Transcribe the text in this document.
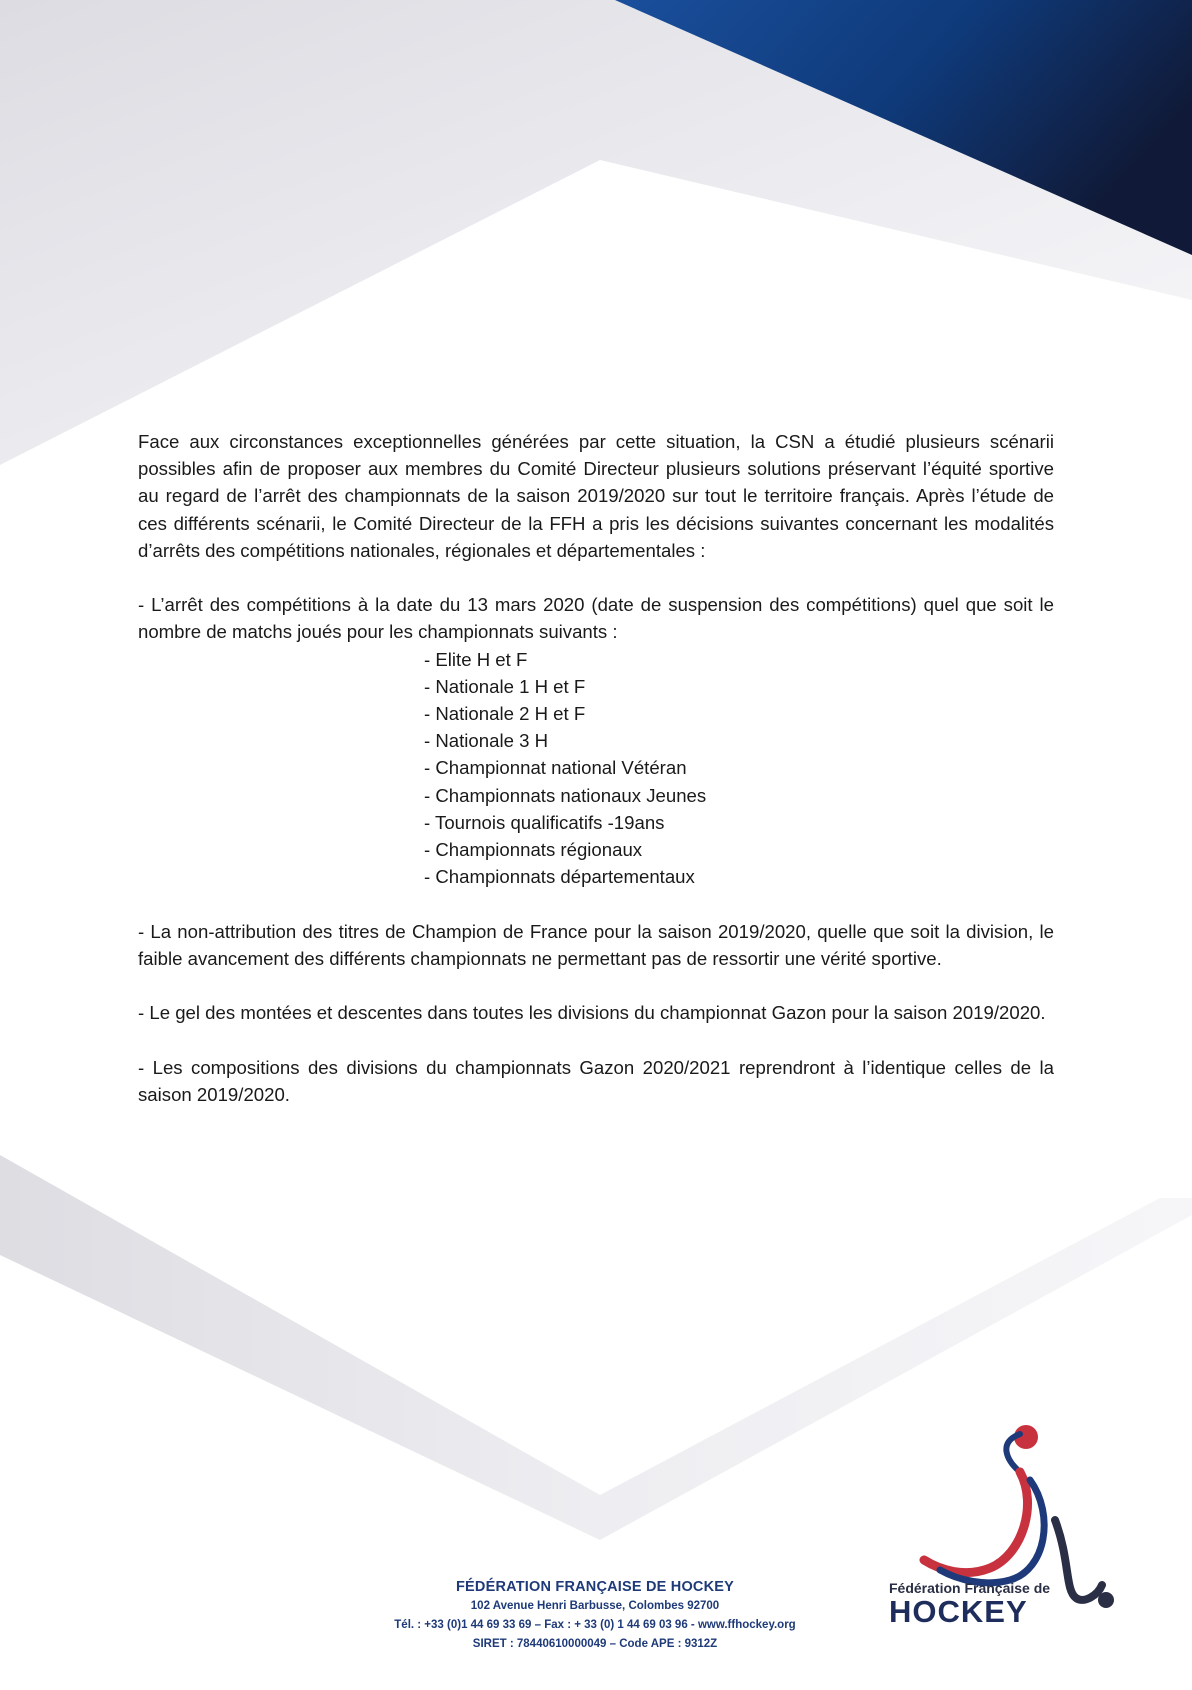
Face aux circonstances exceptionnelles générées par cette situation, la CSN a étudié plusieurs scénarii possibles afin de proposer aux membres du Comité Directeur plusieurs solutions préservant l’équité sportive au regard de l’arrêt des championnats de la saison 2019/2020 sur tout le territoire français. Après l’étude de ces différents scénarii, le Comité Directeur de la FFH a pris les décisions suivantes concernant les modalités d’arrêts des compétitions nationales, régionales et départementales :

- L’arrêt des compétitions à la date du 13 mars 2020 (date de suspension des compétitions) quel que soit le nombre de matchs joués pour les championnats suivants :

- Elite H et F
- Nationale 1 H et F
- Nationale 2 H et F
- Nationale 3 H
- Championnat national Vétéran
- Championnats nationaux Jeunes
- Tournois qualificatifs -19ans
- Championnats régionaux
- Championnats départementaux

- La non-attribution des titres de Champion de France pour la saison 2019/2020, quelle que soit la division, le faible avancement des différents championnats ne permettant pas de ressortir une vérité sportive.

- Le gel des montées et descentes dans toutes les divisions du championnat Gazon pour la saison 2019/2020.

- Les compositions des divisions du championnats Gazon 2020/2021 reprendront à l’identique celles de la saison 2019/2020.

FÉDÉRATION FRANÇAISE DE HOCKEY
102 Avenue Henri Barbusse, Colombes 92700
Tél. : +33 (0)1 44 69 33 69 – Fax : + 33 (0) 1 44 69 03 96 - www.ffhockey.org
SIRET : 78440610000049 – Code APE : 9312Z
Fédération Française de
HOCKEY
